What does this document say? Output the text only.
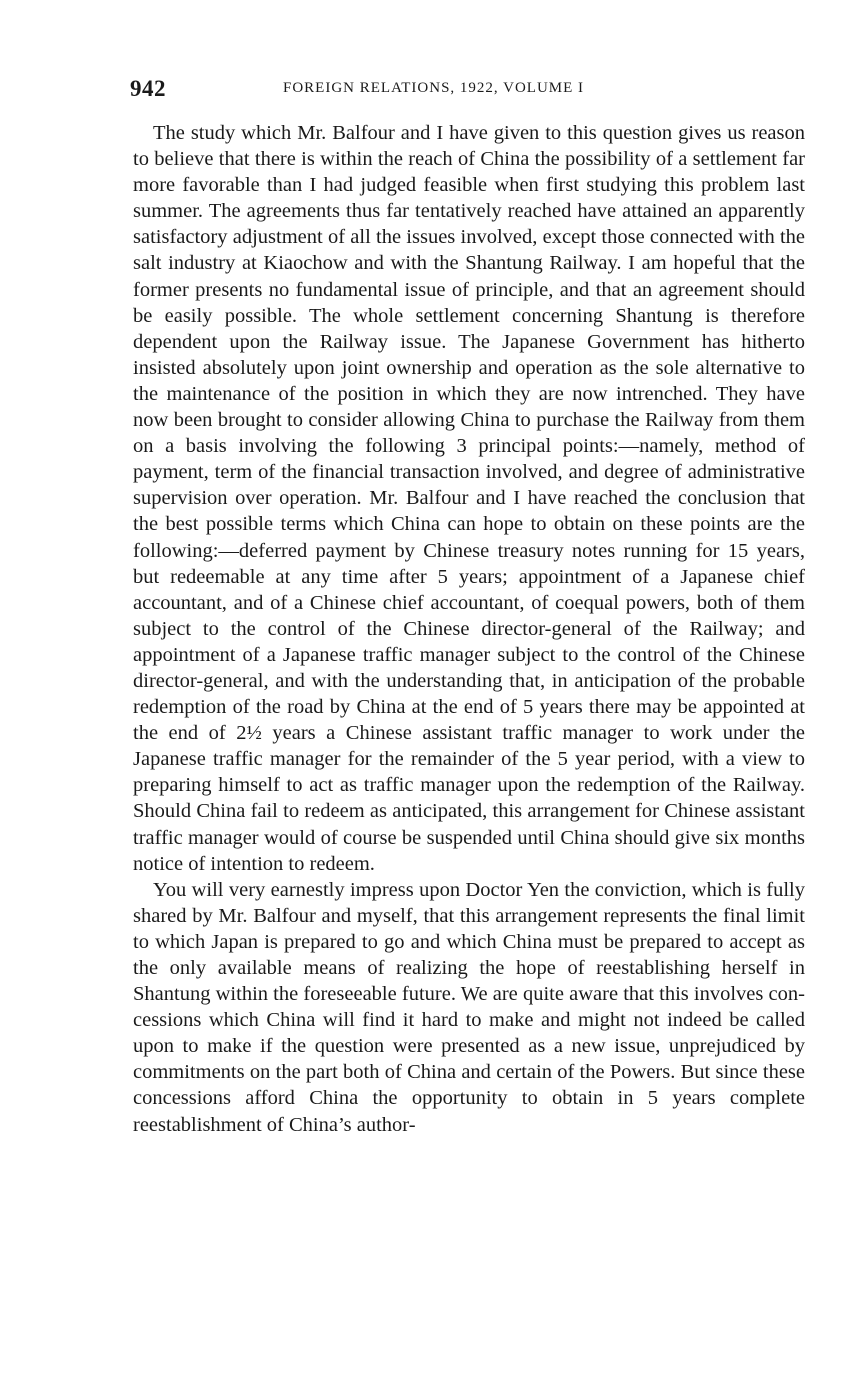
942	FOREIGN RELATIONS, 1922, VOLUME I

The study which Mr. Balfour and I have given to this question gives us reason to believe that there is within the reach of China the possibility of a settlement far more favorable than I had judged feasible when first studying this problem last summer. The agreements thus far tentatively reached have attained an apparently satisfactory adjustment of all the issues involved, except those connected with the salt industry at Kiaochow and with the Shantung Railway. I am hopeful that the former presents no fundamental issue of principle, and that an agreement should be easily possible. The whole settlement concerning Shantung is therefore dependent upon the Railway issue. The Japanese Government has hitherto insisted absolutely upon joint ownership and operation as the sole alternative to the maintenance of the position in which they are now intrenched. They have now been brought to consider allowing China to purchase the Railway from them on a basis involving the following 3 principal points:—namely, method of payment, term of the financial transaction involved, and degree of administrative supervision over operation. Mr. Balfour and I have reached the conclusion that the best possible terms which China can hope to obtain on these points are the following:—deferred payment by Chinese treasury notes running for 15 years, but redeemable at any time after 5 years; appointment of a Japanese chief accountant, and of a Chinese chief accountant, of coequal powers, both of them subject to the control of the Chinese director-general of the Railway; and appointment of a Japanese traffic manager subject to the control of the Chinese director-general, and with the understanding that, in anticipation of the probable redemption of the road by China at the end of 5 years there may be appointed at the end of 2½ years a Chinese assistant traffic manager to work under the Japanese traffic manager for the remainder of the 5 year period, with a view to preparing himself to act as traffic manager upon the redemption of the Railway. Should China fail to redeem as anticipated, this arrangement for Chinese assistant traffic manager would of course be suspended until China should give six months notice of intention to redeem.

You will very earnestly impress upon Doctor Yen the conviction, which is fully shared by Mr. Balfour and myself, that this arrangement represents the final limit to which Japan is prepared to go and which China must be prepared to accept as the only available means of realizing the hope of reestablishing herself in Shantung within the foreseeable future. We are quite aware that this involves concessions which China will find it hard to make and might not indeed be called upon to make if the question were presented as a new issue, unprejudiced by commitments on the part both of China and certain of the Powers. But since these concessions afford China the opportunity to obtain in 5 years complete reestablishment of China’s author-
